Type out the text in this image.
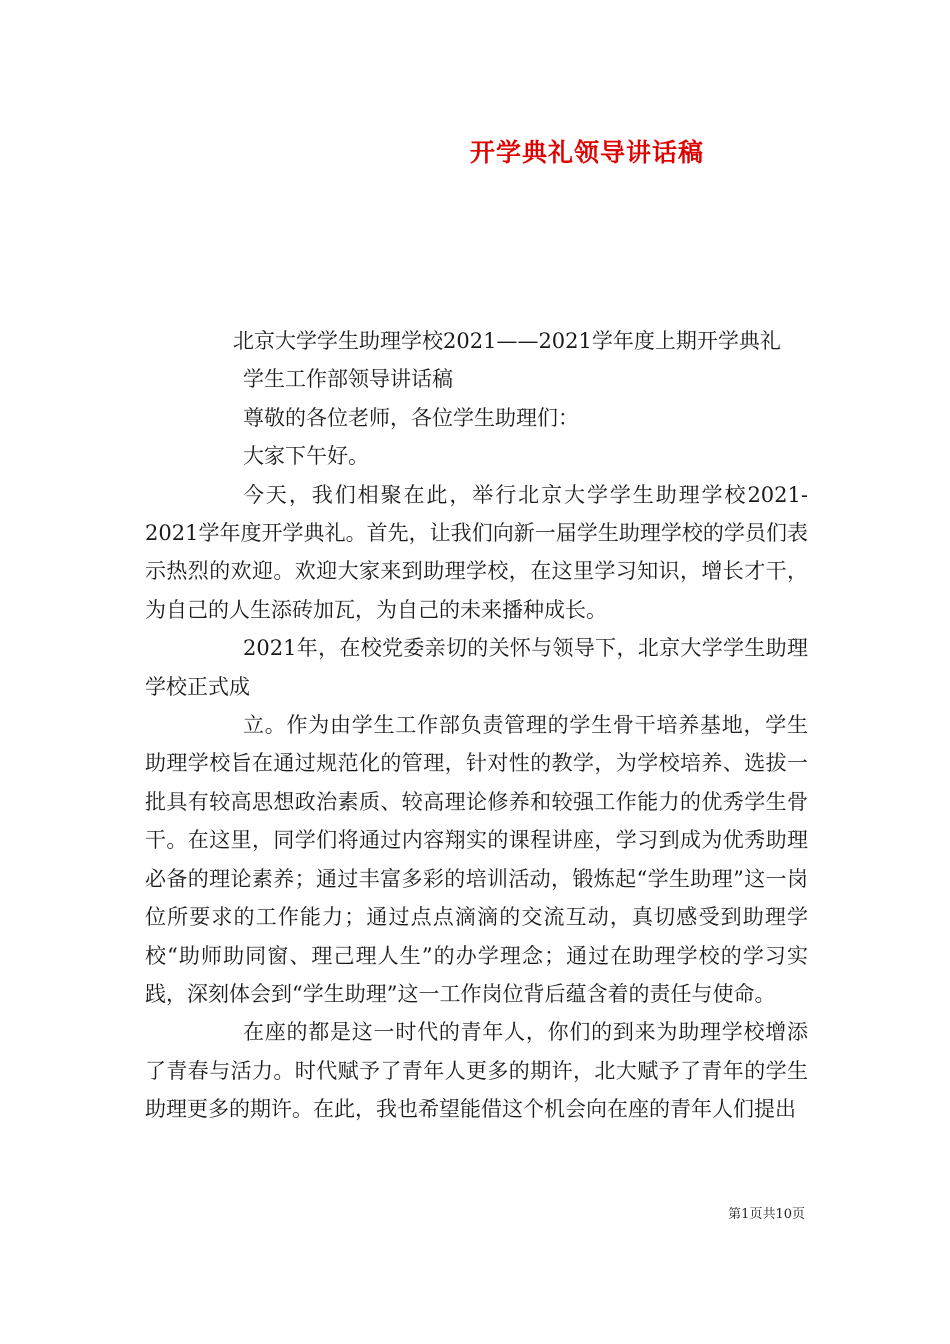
开学典礼领导讲话稿

北京大学学生助理学校2021——2021学年度上期开学典礼

学生工作部领导讲话稿

尊敬的各位老师，各位学生助理们：

大家下午好。

今天，我们相聚在此，举行北京大学学生助理学校2021-2021学年度开学典礼。首先，让我们向新一届学生助理学校的学员们表示热烈的欢迎。欢迎大家来到助理学校，在这里学习知识，增长才干，为自己的人生添砖加瓦，为自己的未来播种成长。

2021年，在校党委亲切的关怀与领导下，北京大学学生助理学校正式成

立。作为由学生工作部负责管理的学生骨干培养基地，学生助理学校旨在通过规范化的管理，针对性的教学，为学校培养、选拔一批具有较高思想政治素质、较高理论修养和较强工作能力的优秀学生骨干。在这里，同学们将通过内容翔实的课程讲座，学习到成为优秀助理必备的理论素养；通过丰富多彩的培训活动，锻炼起“学生助理”这一岗位所要求的工作能力；通过点点滴滴的交流互动，真切感受到助理学校“助师助同窗、理己理人生”的办学理念；通过在助理学校的学习实践，深刻体会到“学生助理”这一工作岗位背后蕴含着的责任与使命。

在座的都是这一时代的青年人，你们的到来为助理学校增添了青春与活力。时代赋予了青年人更多的期许，北大赋予了青年的学生助理更多的期许。在此，我也希望能借这个机会向在座的青年人们提出

第1页共10页
